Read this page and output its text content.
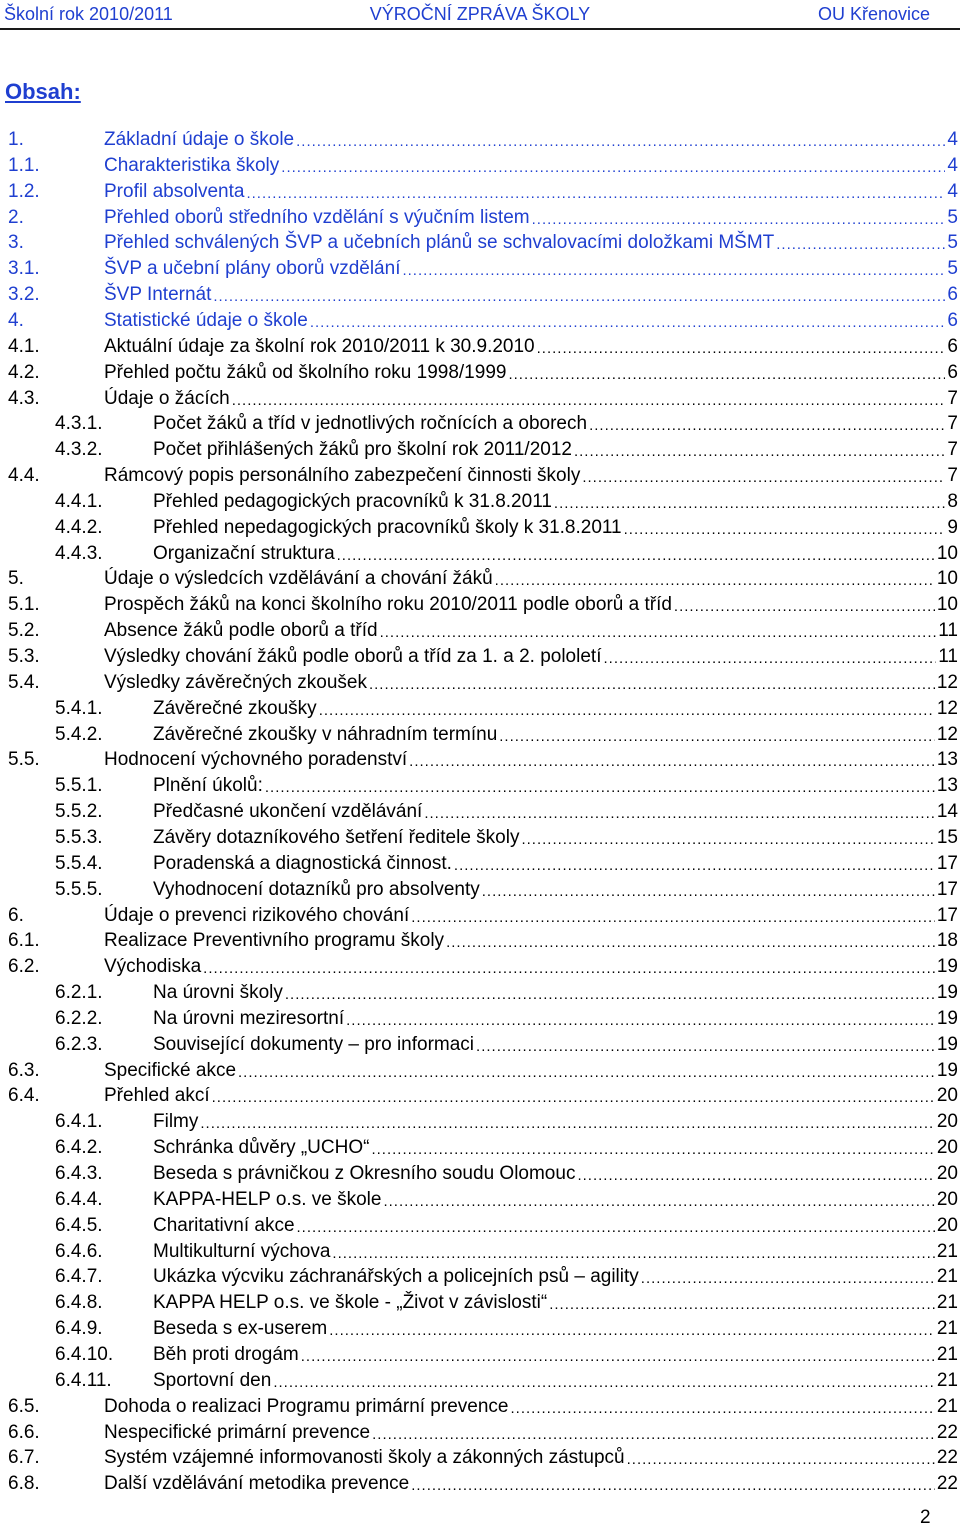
Školní rok 2010/2011	VÝROČNÍ ZPRÁVA ŠKOLY	OU Křenovice
Obsah:
1.	Základní údaje o škole .....	4
1.1.	Charakteristika školy .....	4
1.2.	Profil absolventa .....	4
2.	Přehled oborů středního vzdělání s výučním listem .....	5
3.	Přehled schválených ŠVP a učebních plánů se schvalovacími doložkami MŠMT .....	5
3.1.	ŠVP a učební plány oborů vzdělání .....	5
3.2.	ŠVP Internát .....	6
4.	Statistické údaje o škole .....	6
4.1.	Aktuální údaje za školní rok 2010/2011 k 30.9.2010 .....	6
4.2.	Přehled počtu žáků od školního roku 1998/1999 .....	6
4.3.	Údaje o žácích .....	7
4.3.1.	Počet žáků a tříd v jednotlivých ročnících a oborech .....	7
4.3.2.	Počet přihlášených žáků pro školní rok 2011/2012 .....	7
4.4.	Rámcový popis personálního zabezpečení činnosti školy .....	7
4.4.1.	Přehled pedagogických pracovníků k 31.8.2011 .....	8
4.4.2.	Přehled nepedagogických pracovníků školy k 31.8.2011 .....	9
4.4.3.	Organizační struktura .....	10
5.	Údaje o výsledcích vzdělávání a chování žáků .....	10
5.1.	Prospěch žáků na konci školního roku 2010/2011 podle oborů a tříd .....	10
5.2.	Absence žáků podle oborů a tříd .....	11
5.3.	Výsledky chování žáků podle oborů a tříd za 1. a 2. pololetí .....	11
5.4.	Výsledky závěrečných zkoušek .....	12
5.4.1.	Závěrečné zkoušky .....	12
5.4.2.	Závěrečné zkoušky v náhradním termínu .....	12
5.5.	Hodnocení výchovného poradenství .....	13
5.5.1.	Plnění úkolů: .....	13
5.5.2.	Předčasné ukončení vzdělávání .....	14
5.5.3.	Závěry dotazníkového šetření ředitele školy .....	15
5.5.4.	Poradenská a diagnostická činnost. .....	17
5.5.5.	Vyhodnocení dotazníků pro absolventy .....	17
6.	Údaje o prevenci rizikového chování .....	17
6.1.	Realizace Preventivního programu školy .....	18
6.2.	Východiska .....	19
6.2.1.	Na úrovni školy .....	19
6.2.2.	Na úrovni meziresortní .....	19
6.2.3.	Související dokumenty – pro informaci .....	19
6.3.	Specifické akce .....	19
6.4.	Přehled akcí .....	20
6.4.1.	Filmy .....	20
6.4.2.	Schránka důvěry „UCHO“ .....	20
6.4.3.	Beseda s právničkou z Okresního soudu Olomouc .....	20
6.4.4.	KAPPA-HELP o.s. ve škole .....	20
6.4.5.	Charitativní akce .....	20
6.4.6.	Multikulturní výchova .....	21
6.4.7.	Ukázka výcviku záchranářských a policejních psů – agility .....	21
6.4.8.	KAPPA HELP o.s. ve škole - „Život v závislosti“ .....	21
6.4.9.	Beseda s ex-userem .....	21
6.4.10.	Běh proti drogám .....	21
6.4.11.	Sportovní den .....	21
6.5.	Dohoda o realizaci Programu primární prevence .....	21
6.6.	Nespecifické primární prevence .....	22
6.7.	Systém vzájemné informovanosti školy a zákonných zástupců .....	22
6.8.	Další vzdělávání metodika prevence .....	22
2
